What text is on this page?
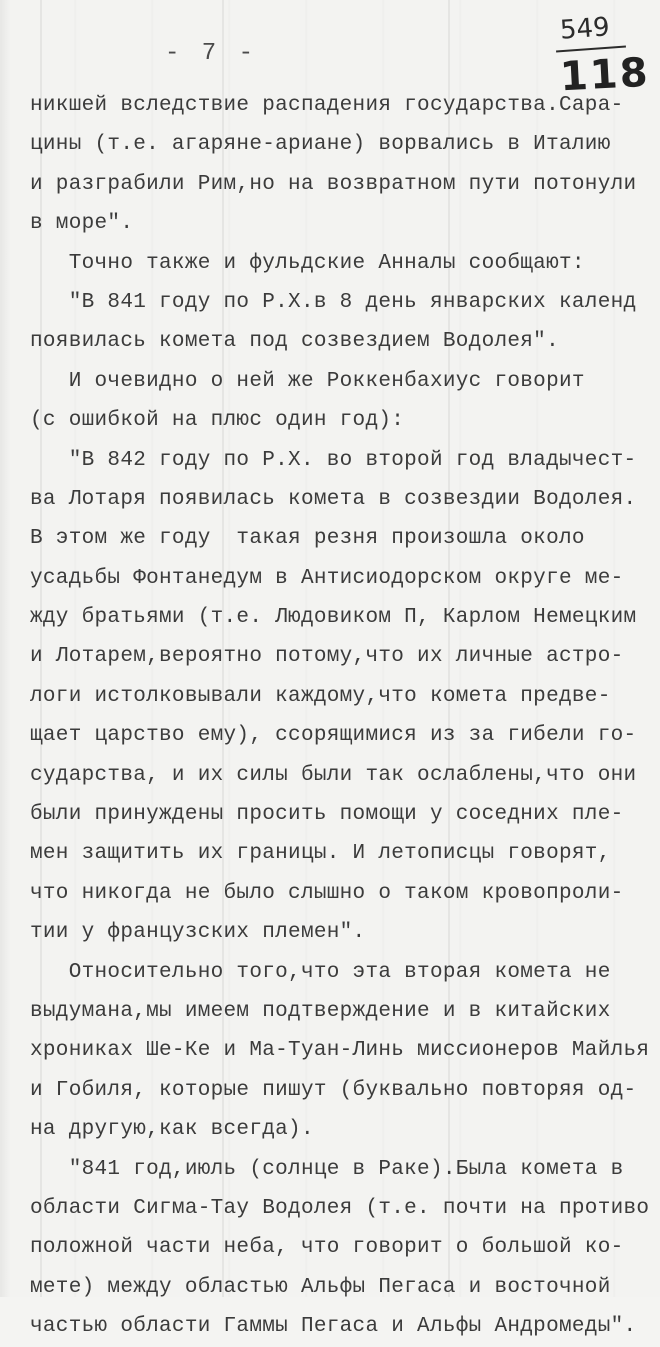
- 7 -
549
118
никшей вследствие распадения государства.Сара-
цины (т.е. агаряне-ариане) ворвались в Италию
и разграбили Рим,но на возвратном пути потонули
в море".
Точно также и фульдские Анналы сообщают:
"В 841 году по Р.Х.в 8 день январских календ
появилась комета под созвездием Водолея".
И очевидно о ней же Роккенбахиус говорит
(с ошибкой на плюс один год):
"В 842 году по Р.Х. во второй год владычест-
ва Лотаря появилась комета в созвездии Водолея.
В этом же году  такая резня произошла около
усадьбы Фонтанедум в Антисиодорском округе ме-
жду братьями (т.е. Людовиком П, Карлом Немецким
и Лотарем,вероятно потому,что их личные астро-
логи истолковывали каждому,что комета предве-
щает царство ему), ссорящимися из за гибели го-
сударства, и их силы были так ослаблены,что они
были принуждены просить помощи у соседних пле-
мен защитить их границы. И летописцы говорят,
что никогда не было слышно о таком кровопроли-
тии у французских племен".
Относительно того,что эта вторая комета не
выдумана,мы имеем подтверждение и в китайских
хрониках Ше-Ке и Ма-Туан-Линь миссионеров Майлья
и Гобиля, которые пишут (буквально повторяя од-
на другую,как всегда).
"841 год,июль (солнце в Раке).Была комета в
области Сигма-Тау Водолея (т.е. почти на противо
положной части неба, что говорит о большой ко-
мете) между областью Альфы Пегаса и восточной
частью области Гаммы Пегаса и Альфы Андромеды".
